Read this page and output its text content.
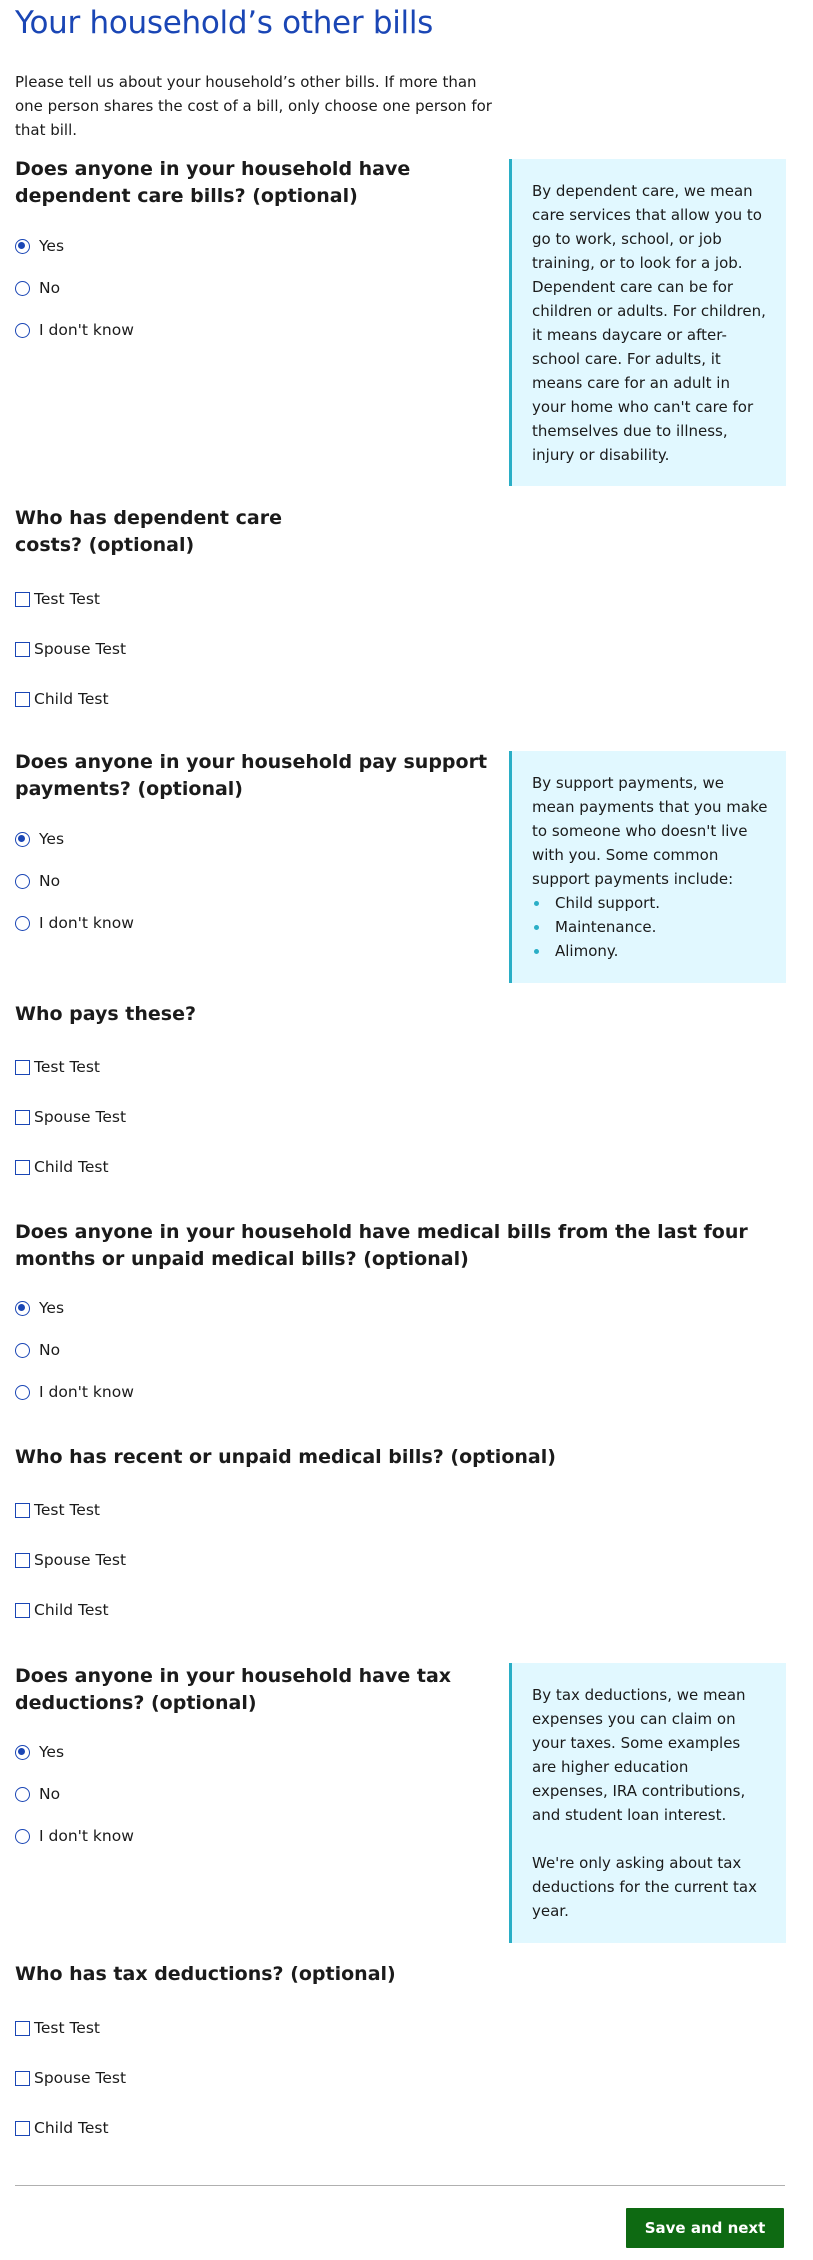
Your household’s other bills

Please tell us about your household’s other bills. If more than one person shares the cost of a bill, only choose one person for that bill.

Does anyone in your household have dependent care bills? (optional)
Yes
No
I don't know

By dependent care, we mean care services that allow you to go to work, school, or job training, or to look for a job. Dependent care can be for children or adults. For children, it means daycare or after-school care. For adults, it means care for an adult in your home who can't care for themselves due to illness, injury or disability.

Who has dependent care costs? (optional)
Test Test
Spouse Test
Child Test
Does anyone in your household pay support payments? (optional)
Yes
No
I don't know

By support payments, we mean payments that you make to someone who doesn't live with you. Some common support payments include:

Child support.
Maintenance.
Alimony.
Who pays these?
Test Test
Spouse Test
Child Test
Does anyone in your household have medical bills from the last four months or unpaid medical bills? (optional)
Yes
No
I don't know
Who has recent or unpaid medical bills? (optional)
Test Test
Spouse Test
Child Test
Does anyone in your household have tax deductions? (optional)
Yes
No
I don't know

By tax deductions, we mean expenses you can claim on your taxes. Some examples are higher education expenses, IRA contributions, and student loan interest.

We're only asking about tax deductions for the current tax year.

Who has tax deductions? (optional)
Test Test
Spouse Test
Child Test
Save and next
